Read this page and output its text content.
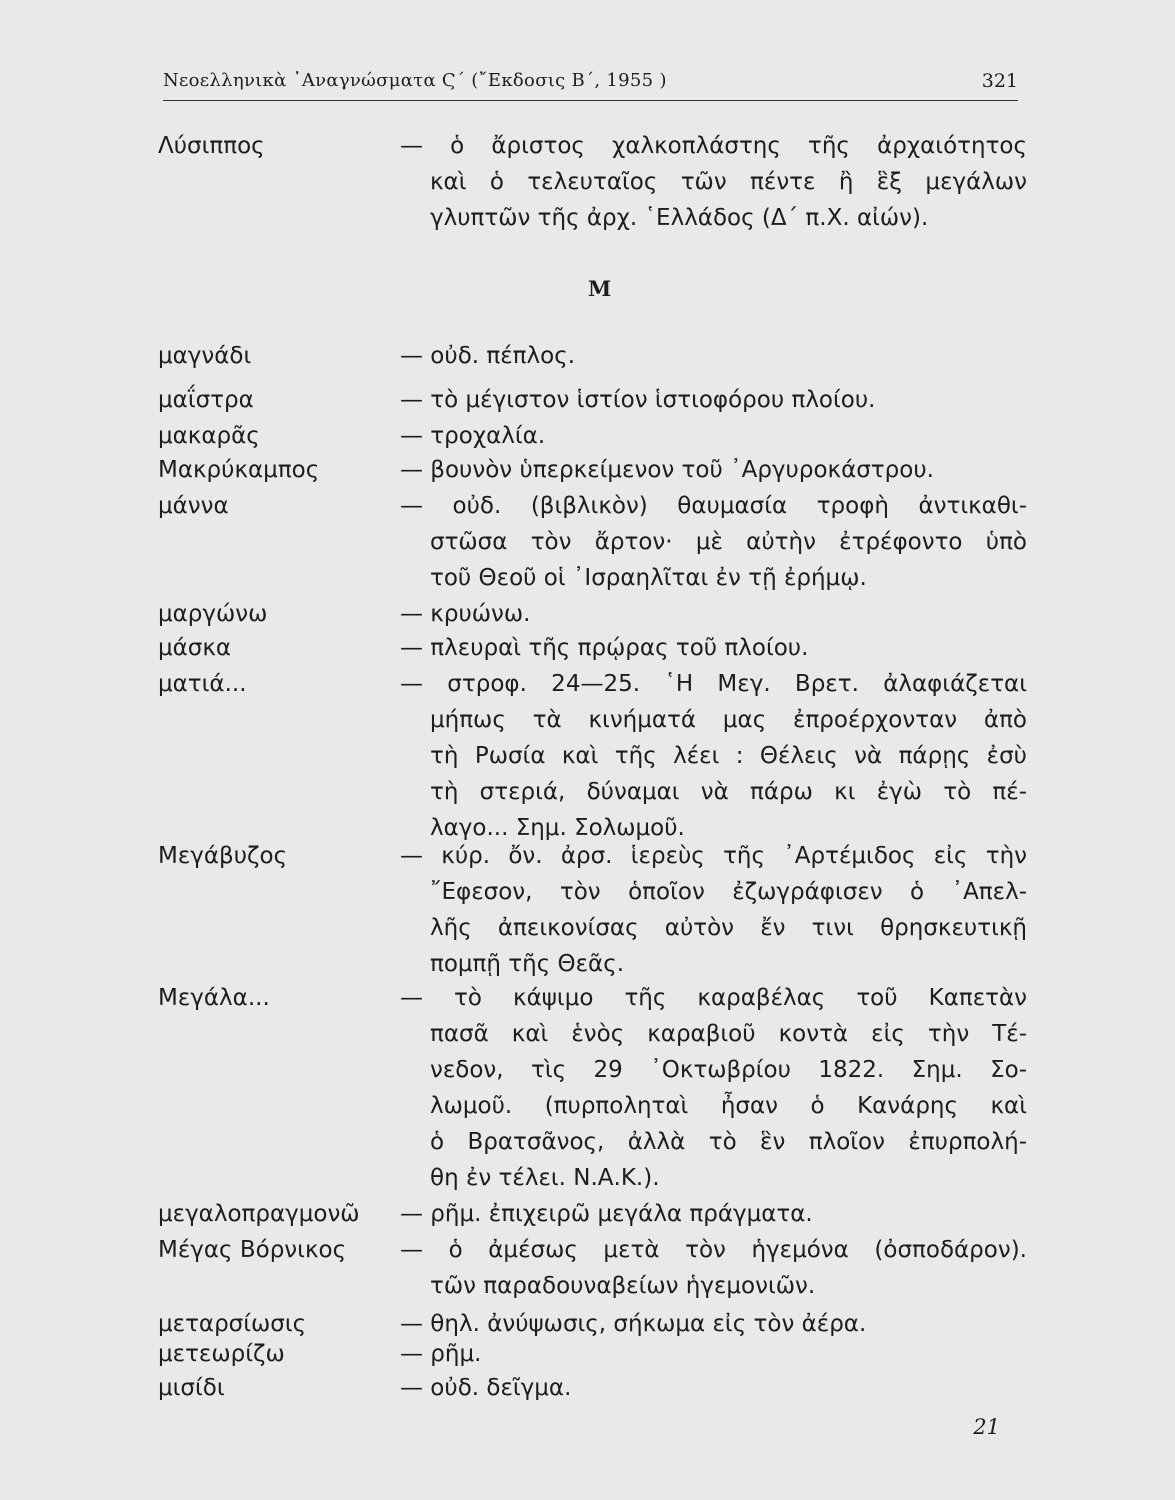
Νεοελληνικὰ ᾿Αναγνώσματα Ϛ΄ (῎Εκδοσις Β΄, 1955 )	321
Μ
Λύσιππος	— ὁ ἄριστος χαλκοπλάστης τῆς ἀρχαιότητος
καὶ ὁ τελευταῖος τῶν πέντε ἢ ἓξ μεγάλων
γλυπτῶν τῆς ἀρχ. ῾Ελλάδος (Δ΄ π.Χ. αἰών).
μαγνάδι	— οὐδ. πέπλος.
μαΐστρα	— τὸ μέγιστον ἱστίον ἱστιοφόρου πλοίου.
μακαρᾶς	— τροχαλία.
Μακρύκαμπος	— βουνὸν ὑπερκείμενον τοῦ ᾿Αργυροκάστρου.
μάννα	— οὐδ. (βιβλικὸν) θαυμασία τροφὴ ἀντικαθι-
στῶσα τὸν ἄρτον· μὲ αὐτὴν ἐτρέφοντο ὑπὸ
τοῦ Θεοῦ οἱ ᾿Ισραηλῖται ἐν τῇ ἐρήμῳ.
μαργώνω	— κρυώνω.
μάσκα	— πλευραὶ τῆς πρῴρας τοῦ πλοίου.
ματιά...	— στροφ. 24—25. ῾Η Μεγ. Βρετ. ἀλαφιάζεται
μήπως τὰ κινήματά μας ἐπροέρχονταν ἀπὸ
τὴ Ρωσία καὶ τῆς λέει : Θέλεις νὰ πάρῃς ἐσὺ
τὴ στεριά, δύναμαι νὰ πάρω κι ἐγὼ τὸ πέ-
λαγο... Σημ. Σολωμοῦ.
Μεγάβυζος	— κύρ. ὄν. ἀρσ. ἱερεὺς τῆς ᾿Αρτέμιδος εἰς τὴν
῎Εφεσον, τὸν ὁποῖον ἐζωγράφισεν ὁ ᾿Απελ-
λῆς ἀπεικονίσας αὐτὸν ἔν τινι θρησκευτικῇ
πομπῇ τῆς Θεᾶς.
Μεγάλα...	— τὸ κάψιμο τῆς καραβέλας τοῦ Καπετὰν
πασᾶ καὶ ἑνὸς καραβιοῦ κοντὰ εἰς τὴν Τέ-
νεδον, τὶς 29 ᾿Οκτωβρίου 1822. Σημ. Σο-
λωμοῦ. (πυρποληταὶ ἦσαν ὁ Κανάρης καὶ
ὁ Βρατσᾶνος, ἀλλὰ τὸ ἓν πλοῖον ἐπυρπολή-
θη ἐν τέλει. Ν.Α.Κ.).
μεγαλοπραγμονῶ — ρῆμ. ἐπιχειρῶ μεγάλα πράγματα.
Μέγας Βόρνικος — ὁ ἀμέσως μετὰ τὸν ἡγεμόνα (ὀσποδάρον).
τῶν παραδουναβείων ἡγεμονιῶν.
μεταρσίωσις	— θηλ. ἀνύψωσις, σήκωμα εἰς τὸν ἀέρα.
μετεωρίζω	— ρῆμ.
μισίδι	— οὐδ. δεῖγμα.
21
